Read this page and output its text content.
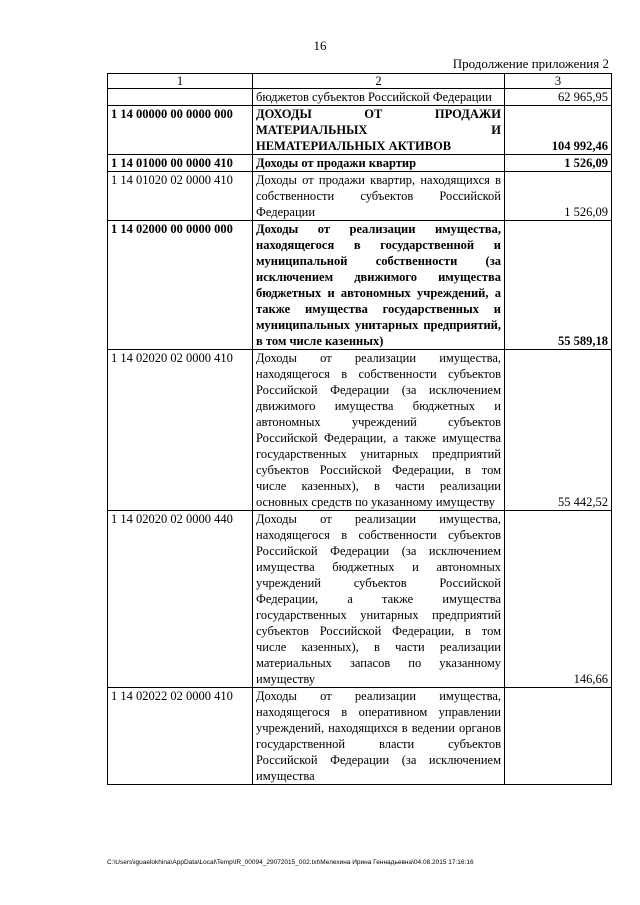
16
Продолжение приложения 2
1	2	3
	бюджетов субъектов Российской Федерации	62 965,95
1 14 00000 00 0000 000	ДОХОДЫ ОТ ПРОДАЖИ МАТЕРИАЛЬНЫХ И НЕМАТЕРИАЛЬНЫХ АКТИВОВ	104 992,46
1 14 01000 00 0000 410	Доходы от продажи квартир	1 526,09
1 14 01020 02 0000 410	Доходы от продажи квартир, находящихся в собственности субъектов Российской Федерации	1 526,09
1 14 02000 00 0000 000	Доходы от реализации имущества, находящегося в государственной и муниципальной собственности (за исключением движимого имущества бюджетных и автономных учреждений, а также имущества государственных и муниципальных унитарных предприятий, в том числе казенных)	55 589,18
1 14 02020 02 0000 410	Доходы от реализации имущества, находящегося в собственности субъектов Российской Федерации (за исключением движимого имущества бюджетных и автономных учреждений субъектов Российской Федерации, а также имущества государственных унитарных предприятий субъектов Российской Федерации, в том числе казенных), в части реализации основных средств по указанному имуществу	55 442,52
1 14 02020 02 0000 440	Доходы от реализации имущества, находящегося в собственности субъектов Российской Федерации (за исключением имущества бюджетных и автономных учреждений субъектов Российской Федерации, а также имущества государственных унитарных предприятий субъектов Российской Федерации, в том числе казенных), в части реализации материальных запасов по указанному имуществу	146,66
1 14 02022 02 0000 410	Доходы от реализации имущества, находящегося в оперативном управлении учреждений, находящихся в ведении органов государственной власти субъектов Российской Федерации (за исключением имущества	
C:\Users\iguaelokhina\AppData\Local\Temp\IR_00094_29072015_002.txt\Мелехина Ирина Геннадьевна\04.08.2015 17:16:16
